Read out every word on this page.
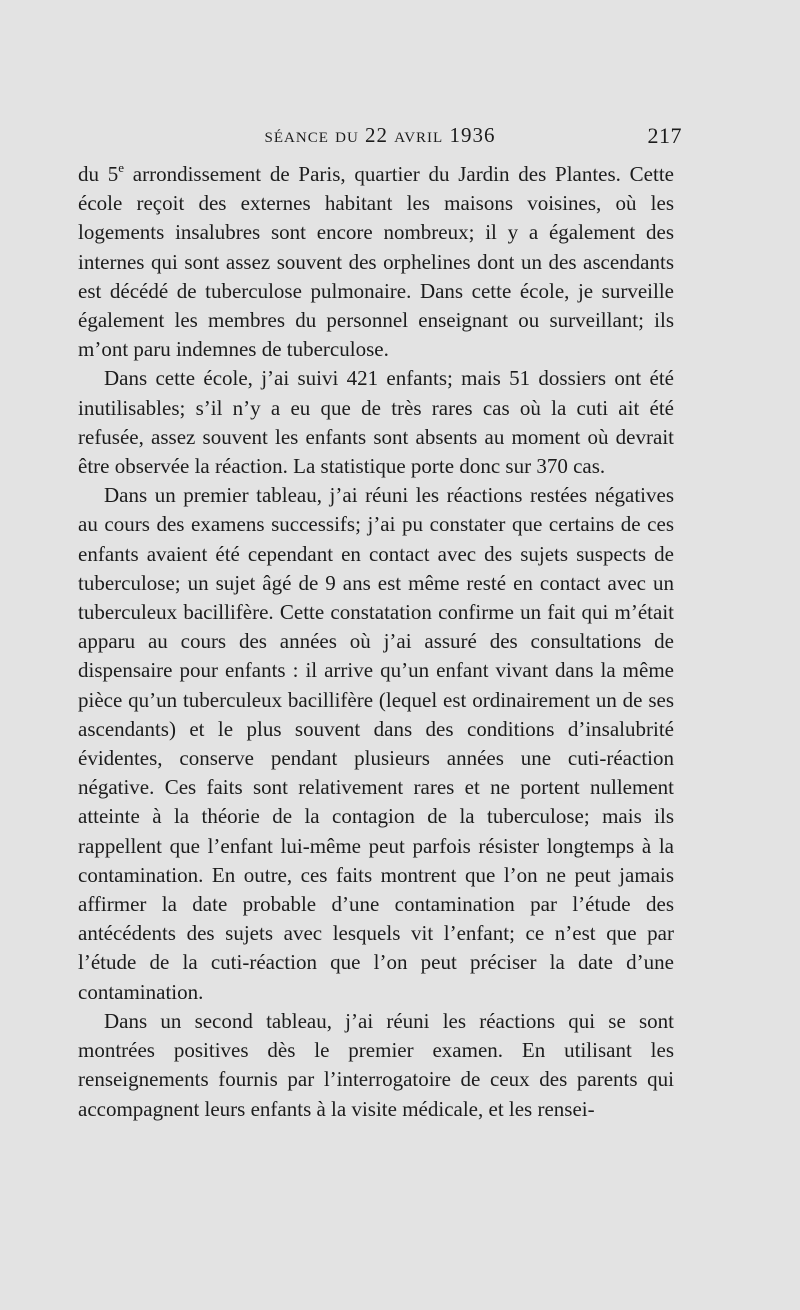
séance du 22 avril 1936	217

du 5e arrondissement de Paris, quartier du Jardin des Plantes. Cette école reçoit des externes habitant les maisons voisines, où les logements insalubres sont encore nombreux; il y a également des internes qui sont assez souvent des orphelines dont un des ascendants est décédé de tuberculose pulmonaire. Dans cette école, je surveille également les membres du personnel enseignant ou surveillant; ils m’ont paru indemnes de tuberculose.

Dans cette école, j’ai suivi 421 enfants; mais 51 dossiers ont été inutilisables; s’il n’y a eu que de très rares cas où la cuti ait été refusée, assez souvent les enfants sont absents au moment où devrait être observée la réaction. La statistique porte donc sur 370 cas.

Dans un premier tableau, j’ai réuni les réactions restées négatives au cours des examens successifs; j’ai pu constater que certains de ces enfants avaient été cependant en contact avec des sujets suspects de tuberculose; un sujet âgé de 9 ans est même resté en contact avec un tuberculeux bacillifère. Cette constatation confirme un fait qui m’était apparu au cours des années où j’ai assuré des consultations de dispensaire pour enfants : il arrive qu’un enfant vivant dans la même pièce qu’un tuberculeux bacillifère (lequel est ordinairement un de ses ascendants) et le plus souvent dans des conditions d’insalubrité évidentes, conserve pendant plusieurs années une cuti-réaction négative. Ces faits sont relativement rares et ne portent nullement atteinte à la théorie de la contagion de la tuberculose; mais ils rappellent que l’enfant lui-même peut parfois résister longtemps à la contamination. En outre, ces faits montrent que l’on ne peut jamais affirmer la date probable d’une contamination par l’étude des antécédents des sujets avec lesquels vit l’enfant; ce n’est que par l’étude de la cuti-réaction que l’on peut préciser la date d’une contamination.

Dans un second tableau, j’ai réuni les réactions qui se sont montrées positives dès le premier examen. En utilisant les renseignements fournis par l’interrogatoire de ceux des parents qui accompagnent leurs enfants à la visite médicale, et les rensei-
